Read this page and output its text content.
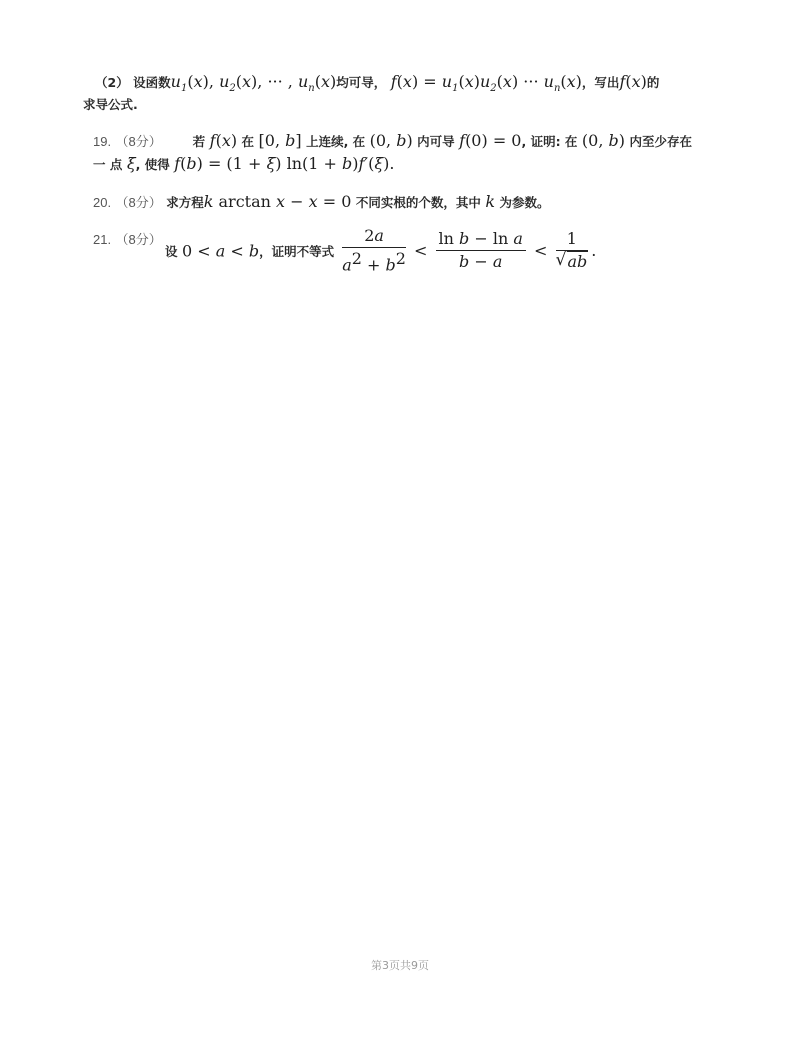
（2） 设函数$u_1(x)$, $u_2(x)$, ··· , $u_n(x)$均可导， $f(x) = u_1(x)u_2(x)$ ··· $u_n(x)$，写出f(x)的
求导公式.
19. （8分） 若 f(x) 在 [0, b] 上连续, 在 (0, b) 内可导 f(0) = 0, 证明: 在 (0, b) 内至少存在
一 点 ξ, 使得 f(b) = (1 + ξ) ln(1 + b)f′(ξ).
20. （8分） 求方程k arctan x − x = 0 不同实根的个数，其中 k 为参数。
21. （8分）
设 0 < a < b，证明不等式 $\frac{2a}{a^2 + b^2} < \frac{\text{ln b − ln a}}{b - a} < \frac{1}{√ ab}$ .
第3页共9页
